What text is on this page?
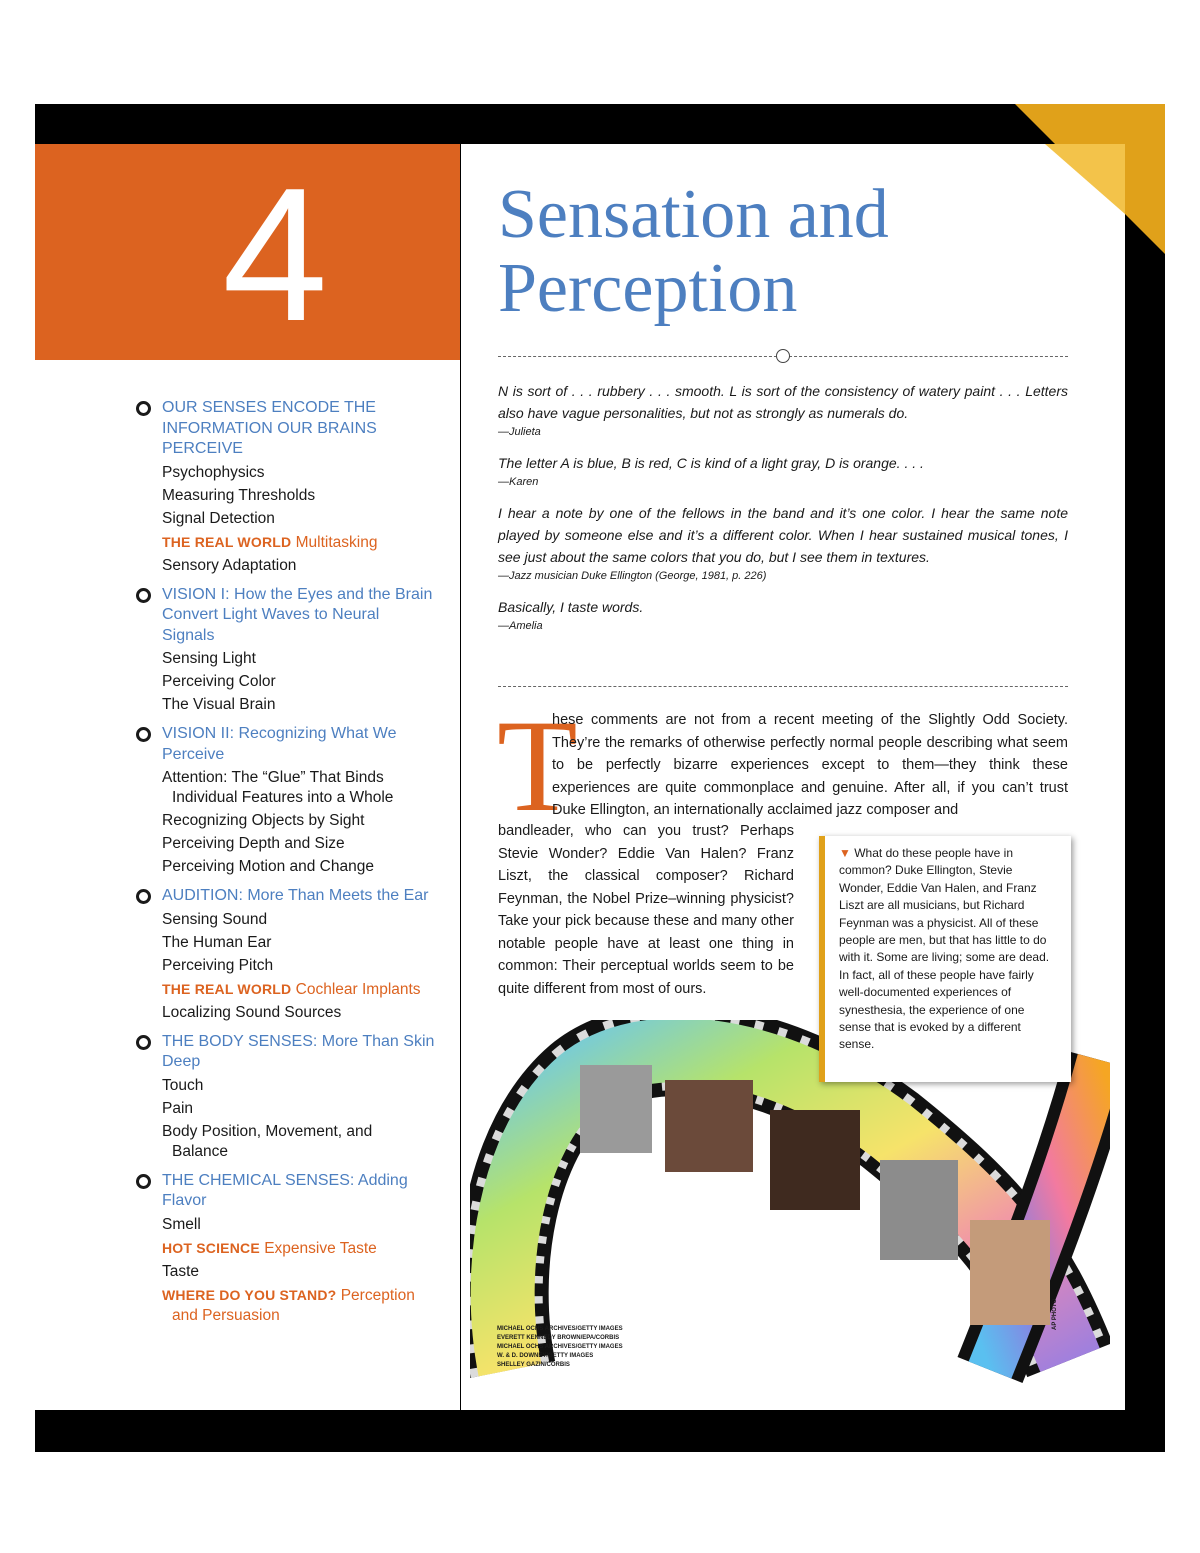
4
OUR SENSES ENCODE THE INFORMATION OUR BRAINS PERCEIVE
Psychophysics
Measuring Thresholds
Signal Detection
THE REAL WORLD Multitasking
Sensory Adaptation
VISION I: How the Eyes and the Brain Convert Light Waves to Neural Signals
Sensing Light
Perceiving Color
The Visual Brain
VISION II: Recognizing What We Perceive
Attention: The “Glue” That Binds
Individual Features into a Whole
Recognizing Objects by Sight
Perceiving Depth and Size
Perceiving Motion and Change
AUDITION: More Than Meets the Ear
Sensing Sound
The Human Ear
Perceiving Pitch
THE REAL WORLD Cochlear Implants
Localizing Sound Sources
THE BODY SENSES: More Than Skin Deep
Touch
Pain
Body Position, Movement, and
Balance
THE CHEMICAL SENSES: Adding Flavor
Smell
HOT SCIENCE Expensive Taste
Taste
WHERE DO YOU STAND? Perception
and Persuasion
Sensation and
Perception
N is sort of . . . rubbery . . . smooth. L is sort of the consistency of watery paint . . . Letters also have vague personalities, but not as strongly as numerals do.
—Julieta
The letter A is blue, B is red, C is kind of a light gray, D is orange. . . .
—Karen
I hear a note by one of the fellows in the band and it’s one color. I hear the same note played by someone else and it’s a different color. When I hear sustained musical tones, I see just about the same colors that you do, but I see them in textures.
—Jazz musician Duke Ellington (George, 1981, p. 226)
Basically, I taste words.
—Amelia
T
hese comments are not from a recent meeting of the Slightly Odd Society. They’re the remarks of otherwise perfectly normal people describing what seem to be perfectly bizarre experiences except to them—they think these experiences are quite commonplace and genuine. After all, if you can’t trust Duke Ellington, an internationally acclaimed jazz composer and
bandleader, who can you trust? Perhaps Stevie Wonder? Eddie Van Halen? Franz Liszt, the classical composer? Richard Feynman, the Nobel Prize–winning physicist? Take your pick because these and many other notable people have at least one thing in common: Their perceptual worlds seem to be quite different from most of ours.

▼ What do these people have in common? Duke Ellington, Stevie Wonder, Eddie Van Halen, and Franz Liszt are all musicians, but Richard Feynman was a physicist. All of these people are men, but that has little to do with it. Some are living; some are dead. In fact, all of these people have fairly well-documented experiences of synesthesia, the experience of one sense that is evoked by a different sense.

MICHAEL OCHS ARCHIVES/GETTY IMAGES
EVERETT KENNEDY BROWN/EPA/CORBIS
MICHAEL OCHS ARCHIVES/GETTY IMAGES
W. & D. DOWNEY/GETTY IMAGES
SHELLEY GAZIN/CORBIS
AP PHOTO
